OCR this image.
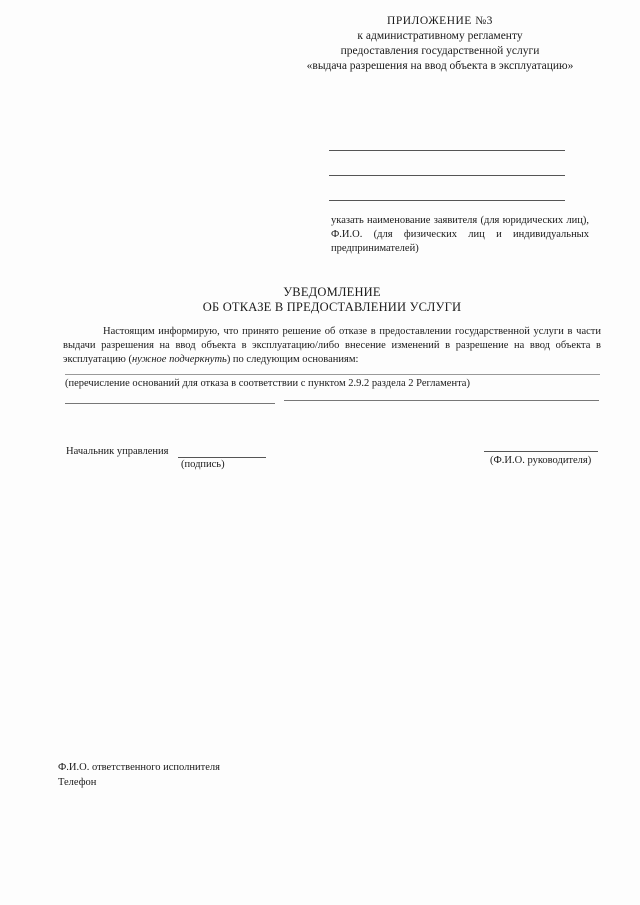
ПРИЛОЖЕНИЕ №3
к административному регламенту
предоставления государственной услуги
«выдача разрешения на ввод объекта в эксплуатацию»
указать наименование заявителя (для юридических лиц), Ф.И.О. (для физических лиц и индивидуальных предпринимателей)
УВЕДОМЛЕНИЕ
ОБ ОТКАЗЕ В ПРЕДОСТАВЛЕНИИ УСЛУГИ
Настоящим информирую, что принято решение об отказе в предоставлении государственной услуги в части выдачи разрешения на ввод объекта в эксплуатацию/либо внесение изменений в разрешение на ввод объекта в эксплуатацию (нужное подчеркнуть) по следующим основаниям:
(перечисление оснований для отказа в соответствии с пунктом 2.9.2 раздела 2 Регламента)
Начальник управления
(подпись)	(Ф.И.О. руководителя)
Ф.И.О. ответственного исполнителя
Телефон
